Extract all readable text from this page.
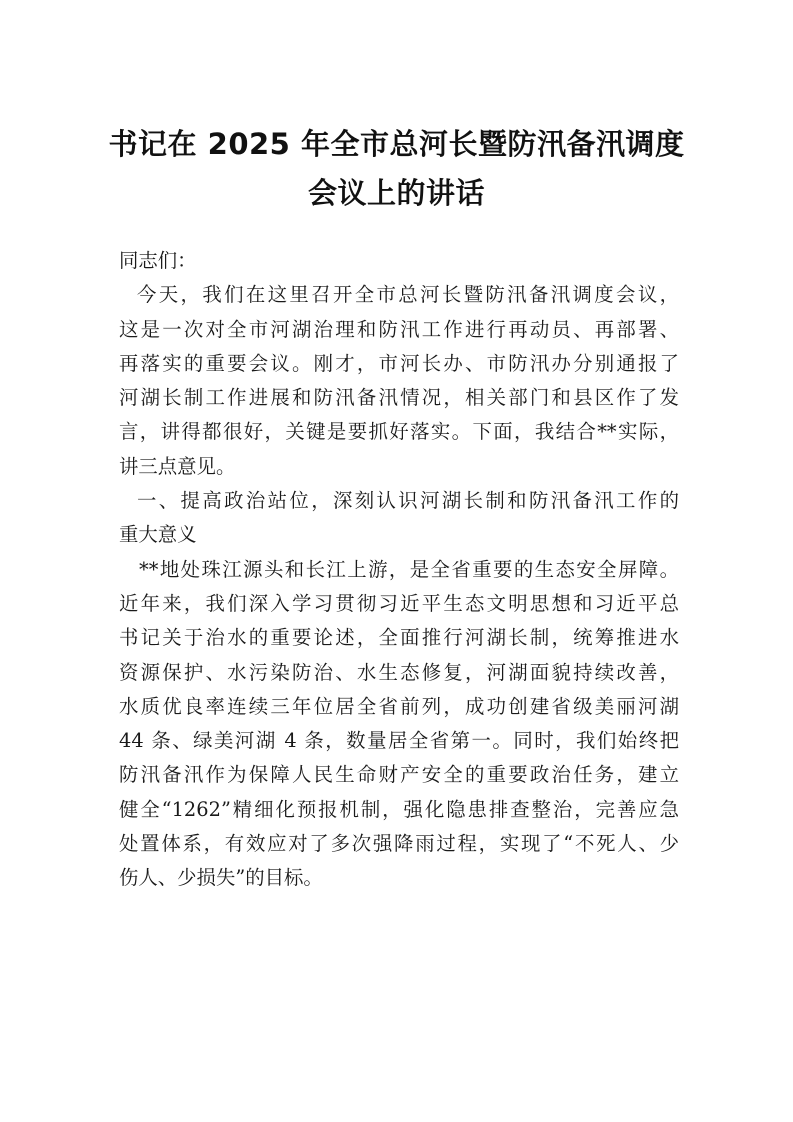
书记在 2025 年全市总河长暨防汛备汛调度
会议上的讲话
同志们：
今天，我们在这里召开全市总河长暨防汛备汛调度会议，
这是一次对全市河湖治理和防汛工作进行再动员、再部署、
再落实的重要会议。刚才，市河长办、市防汛办分别通报了
河湖长制工作进展和防汛备汛情况，相关部门和县区作了发
言，讲得都很好，关键是要抓好落实。下面，我结合**实际，
讲三点意见。
一、提高政治站位，深刻认识河湖长制和防汛备汛工作的
重大意义
**地处珠江源头和长江上游，是全省重要的生态安全屏障。
近年来，我们深入学习贯彻习近平生态文明思想和习近平总
书记关于治水的重要论述，全面推行河湖长制，统筹推进水
资源保护、水污染防治、水生态修复，河湖面貌持续改善，
水质优良率连续三年位居全省前列，成功创建省级美丽河湖
44 条、绿美河湖 4 条，数量居全省第一。同时，我们始终把
防汛备汛作为保障人民生命财产安全的重要政治任务，建立
健全“1262”精细化预报机制，强化隐患排查整治，完善应急
处置体系，有效应对了多次强降雨过程，实现了“不死人、少
伤人、少损失”的目标。
